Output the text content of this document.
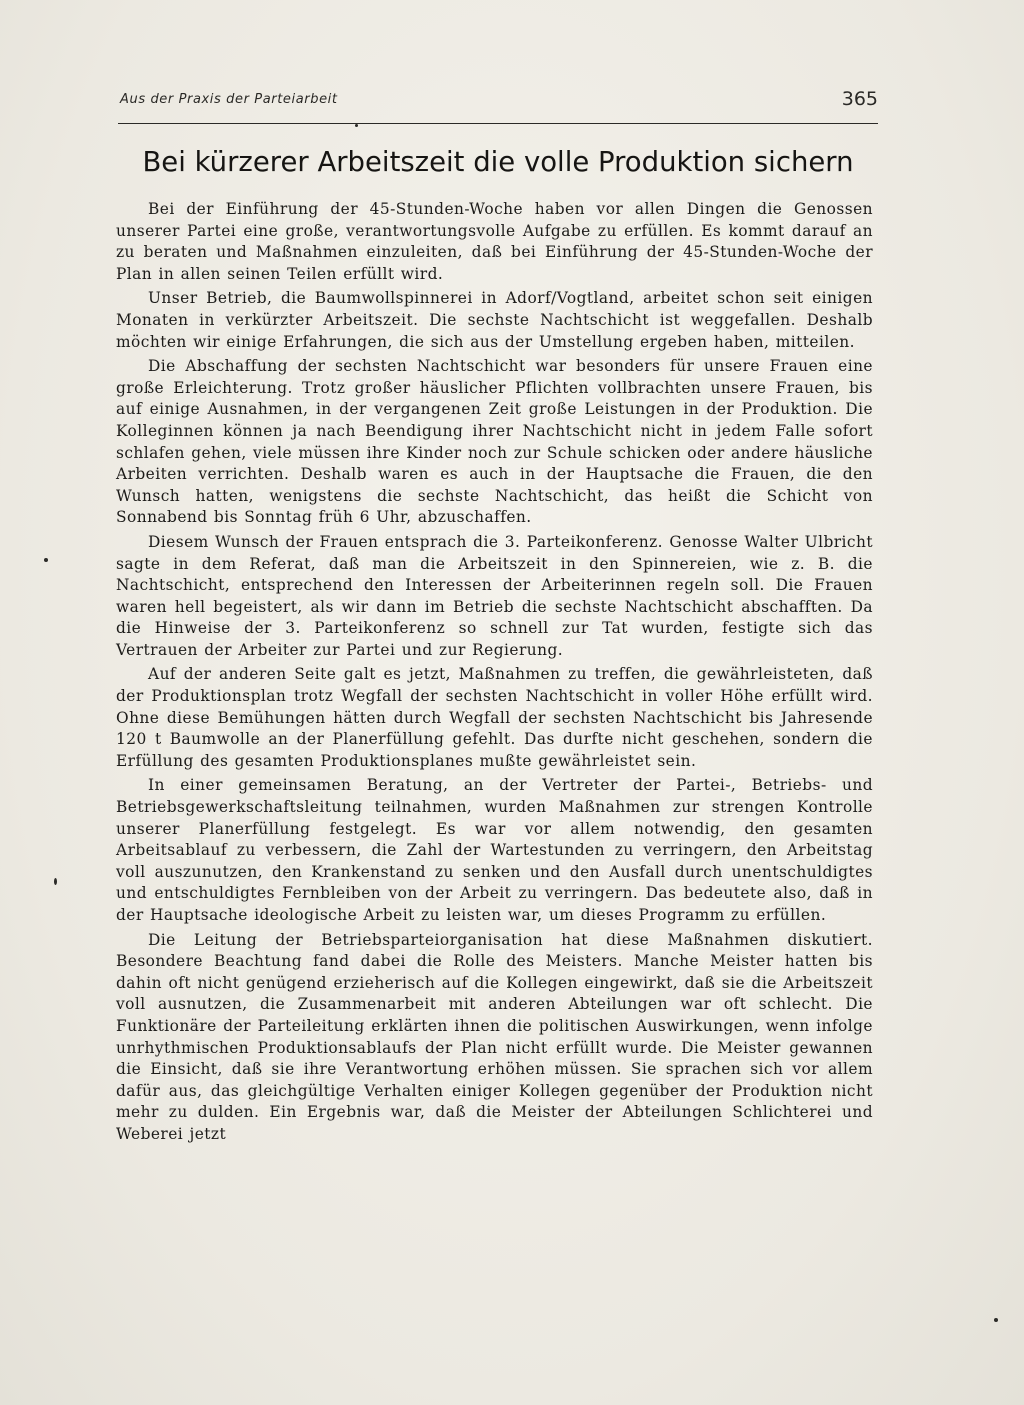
Aus der Praxis der Parteiarbeit	365
Bei kürzerer Arbeitszeit die volle Produktion sichern

Bei der Einführung der 45-Stunden-Woche haben vor allen Dingen die Genossen unserer Partei eine große, verantwortungsvolle Aufgabe zu erfüllen. Es kommt darauf an zu beraten und Maßnahmen einzuleiten, daß bei Einführung der 45-Stunden-Woche der Plan in allen seinen Teilen erfüllt wird.

Unser Betrieb, die Baumwollspinnerei in Adorf/Vogtland, arbeitet schon seit einigen Monaten in verkürzter Arbeitszeit. Die sechste Nachtschicht ist weggefallen. Deshalb möchten wir einige Erfahrungen, die sich aus der Umstellung ergeben haben, mitteilen.

Die Abschaffung der sechsten Nachtschicht war besonders für unsere Frauen eine große Erleichterung. Trotz großer häuslicher Pflichten vollbrachten unsere Frauen, bis auf einige Ausnahmen, in der vergangenen Zeit große Leistungen in der Produktion. Die Kolleginnen können ja nach Beendigung ihrer Nachtschicht nicht in jedem Falle sofort schlafen gehen, viele müssen ihre Kinder noch zur Schule schicken oder andere häusliche Arbeiten verrichten. Deshalb waren es auch in der Hauptsache die Frauen, die den Wunsch hatten, wenigstens die sechste Nachtschicht, das heißt die Schicht von Sonnabend bis Sonntag früh 6 Uhr, abzuschaffen.

Diesem Wunsch der Frauen entsprach die 3. Parteikonferenz. Genosse Walter Ulbricht sagte in dem Referat, daß man die Arbeitszeit in den Spinnereien, wie z. B. die Nachtschicht, entsprechend den Interessen der Arbeiterinnen regeln soll. Die Frauen waren hell begeistert, als wir dann im Betrieb die sechste Nachtschicht abschafften. Da die Hinweise der 3. Parteikonferenz so schnell zur Tat wurden, festigte sich das Vertrauen der Arbeiter zur Partei und zur Regierung.

Auf der anderen Seite galt es jetzt, Maßnahmen zu treffen, die gewährleisteten, daß der Produktionsplan trotz Wegfall der sechsten Nachtschicht in voller Höhe erfüllt wird. Ohne diese Bemühungen hätten durch Wegfall der sechsten Nachtschicht bis Jahresende 120 t Baumwolle an der Planerfüllung gefehlt. Das durfte nicht geschehen, sondern die Erfüllung des gesamten Produktionsplanes mußte gewährleistet sein.

In einer gemeinsamen Beratung, an der Vertreter der Partei-, Betriebs- und Betriebsgewerkschaftsleitung teilnahmen, wurden Maßnahmen zur strengen Kontrolle unserer Planerfüllung festgelegt. Es war vor allem notwendig, den gesamten Arbeitsablauf zu verbessern, die Zahl der Wartestunden zu verringern, den Arbeitstag voll auszunutzen, den Krankenstand zu senken und den Ausfall durch unentschuldigtes und entschuldigtes Fernbleiben von der Arbeit zu verringern. Das bedeutete also, daß in der Hauptsache ideologische Arbeit zu leisten war, um dieses Programm zu erfüllen.

Die Leitung der Betriebsparteiorganisation hat diese Maßnahmen diskutiert. Besondere Beachtung fand dabei die Rolle des Meisters. Manche Meister hatten bis dahin oft nicht genügend erzieherisch auf die Kollegen eingewirkt, daß sie die Arbeitszeit voll ausnutzen, die Zusammenarbeit mit anderen Abteilungen war oft schlecht. Die Funktionäre der Parteileitung erklärten ihnen die politischen Auswirkungen, wenn infolge unrhythmischen Produktionsablaufs der Plan nicht erfüllt wurde. Die Meister gewannen die Einsicht, daß sie ihre Verantwortung erhöhen müssen. Sie sprachen sich vor allem dafür aus, das gleichgültige Verhalten einiger Kollegen gegenüber der Produktion nicht mehr zu dulden. Ein Ergebnis war, daß die Meister der Abteilungen Schlichterei und Weberei jetzt
